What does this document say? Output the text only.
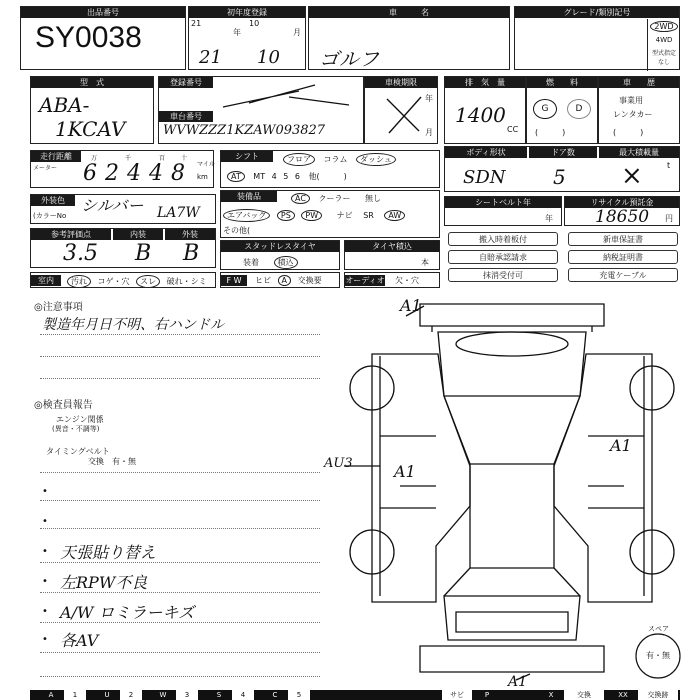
出品番号
SY0038
初年度登録
21
年
10
月
21 10
車　　　名
ゴルフ
グレード/類別記号
2WD
4WD
型式指定
なし
型　式
ABA-
1KCAV
登録番号
車台番号
WVWZZZ1KZAW093827
車検期限
年
月
排　気　量
1400
CC
燃　　料
G	D
(　　　)
車　　歴
事業用
レンタカー
(　　　)
走行距離
メーター
万	千	百	十
62448 マイル
km
シフト	フロア コラム ダッシュ
AT MT 4 5 6 他(　　　)
ボディ形状	ドア数	最大積載量
SDN 5 ×	t
外装色
(カラーNo
シルバー LA7W
装備品	AC クーラー 無し
エアバッグ PS PW ナビ SR AW
その他(
シートベルト年
年
リサイクル預託金
18650 円
参考評価点	内装	外装
3.5 B B	スタッドレスタイヤ
装着 積込
タイヤ積込
本
搬入時着板付	新車保証書
自賠承認請求	納税証明書
抹消受付可	充電ケーブル
室内	汚れ コゲ・穴 スレ 破れ・シミ	F W	ヒビ A 交換要	オーディオ 欠・穴
◎注意事項
製造年月日不明、右ハンドル
◎検査員報告
エンジン関係
(異音・不調等)
タイミングベルト
交換　有・無
•
•
• 天張貼り替え
• 左RPW不良
• A/W ロミラーキズ
• 各AV
A1
A1
A1
AU3
A1
スペア
有・無
A	1	U	2	W	3	S	4	C	5	サビ	P	交換	XX
X	交換跡
